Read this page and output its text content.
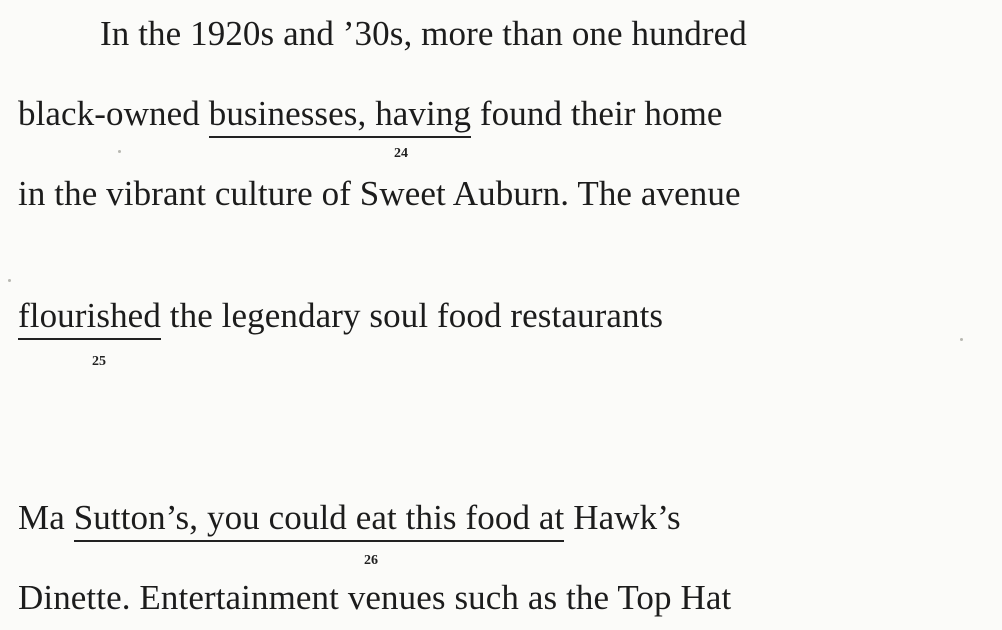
In the 1920s and ’30s, more than one hundred
black-owned businesses, having found their home
24
in the vibrant culture of Sweet Auburn. The avenue
flourished the legendary soul food restaurants
25
Ma Sutton’s, you could eat this food at Hawk’s
26
Dinette. Entertainment venues such as the Top Hat
